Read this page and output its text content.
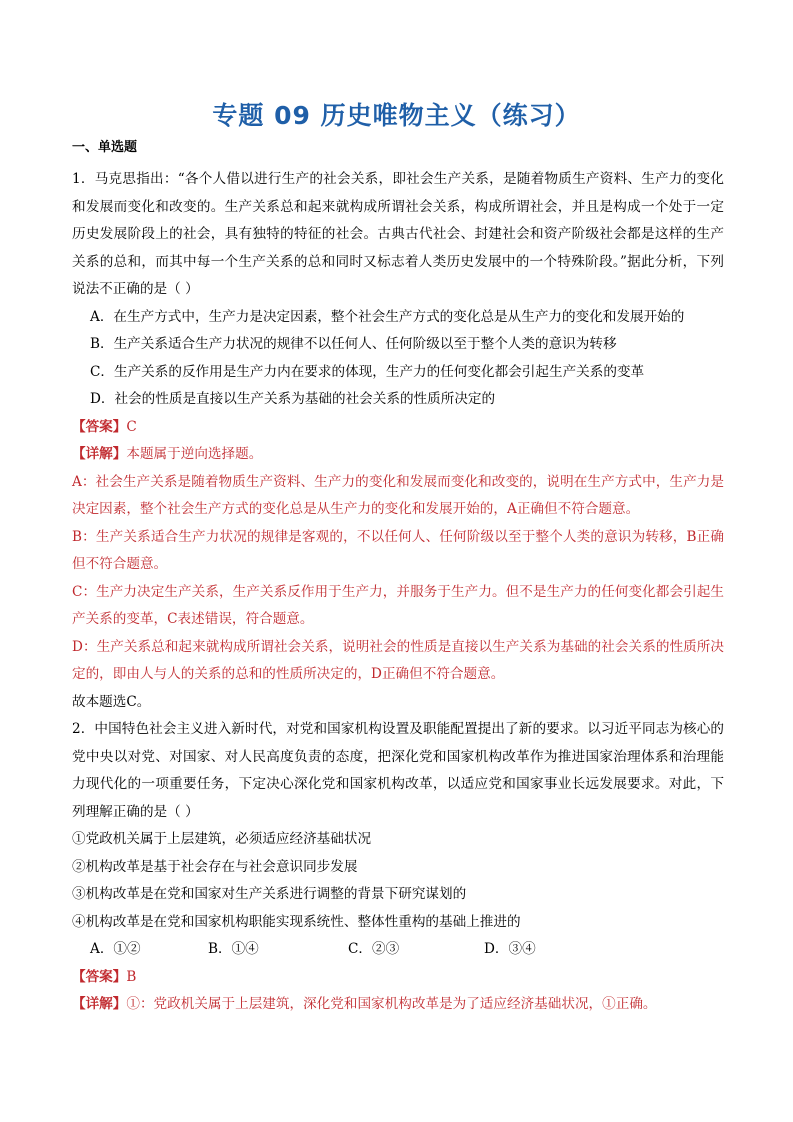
专题 09 历史唯物主义（练习）
一、单选题

1．马克思指出：“各个人借以进行生产的社会关系，即社会生产关系，是随着物质生产资料、生产力的变化和发展而变化和改变的。生产关系总和起来就构成所谓社会关系，构成所谓社会，并且是构成一个处于一定历史发展阶段上的社会，具有独特的特征的社会。古典古代社会、封建社会和资产阶级社会都是这样的生产关系的总和，而其中每一个生产关系的总和同时又标志着人类历史发展中的一个特殊阶段。”据此分析，下列说法不正确的是（ ）

A．在生产方式中，生产力是决定因素，整个社会生产方式的变化总是从生产力的变化和发展开始的

B．生产关系适合生产力状况的规律不以任何人、任何阶级以至于整个人类的意识为转移

C．生产关系的反作用是生产力内在要求的体现，生产力的任何变化都会引起生产关系的变革

D．社会的性质是直接以生产关系为基础的社会关系的性质所决定的

【答案】C

【详解】本题属于逆向选择题。

A：社会生产关系是随着物质生产资料、生产力的变化和发展而变化和改变的，说明在生产方式中，生产力是决定因素，整个社会生产方式的变化总是从生产力的变化和发展开始的，A正确但不符合题意。

B：生产关系适合生产力状况的规律是客观的，不以任何人、任何阶级以至于整个人类的意识为转移，B正确但不符合题意。

C：生产力决定生产关系，生产关系反作用于生产力，并服务于生产力。但不是生产力的任何变化都会引起生产关系的变革，C表述错误，符合题意。

D：生产关系总和起来就构成所谓社会关系，说明社会的性质是直接以生产关系为基础的社会关系的性质所决定的，即由人与人的关系的总和的性质所决定的，D正确但不符合题意。

故本题选C。

2．中国特色社会主义进入新时代，对党和国家机构设置及职能配置提出了新的要求。以习近平同志为核心的党中央以对党、对国家、对人民高度负责的态度，把深化党和国家机构改革作为推进国家治理体系和治理能力现代化的一项重要任务，下定决心深化党和国家机构改革，以适应党和国家事业长远发展要求。对此，下列理解正确的是（ ）

①党政机关属于上层建筑，必须适应经济基础状况

②机构改革是基于社会存在与社会意识同步发展

③机构改革是在党和国家对生产关系进行调整的背景下研究谋划的

④机构改革是在党和国家机构职能实现系统性、整体性重构的基础上推进的

A．①②	B．①④	C．②③	D．③④

【答案】B

【详解】①：党政机关属于上层建筑，深化党和国家机构改革是为了适应经济基础状况，①正确。
